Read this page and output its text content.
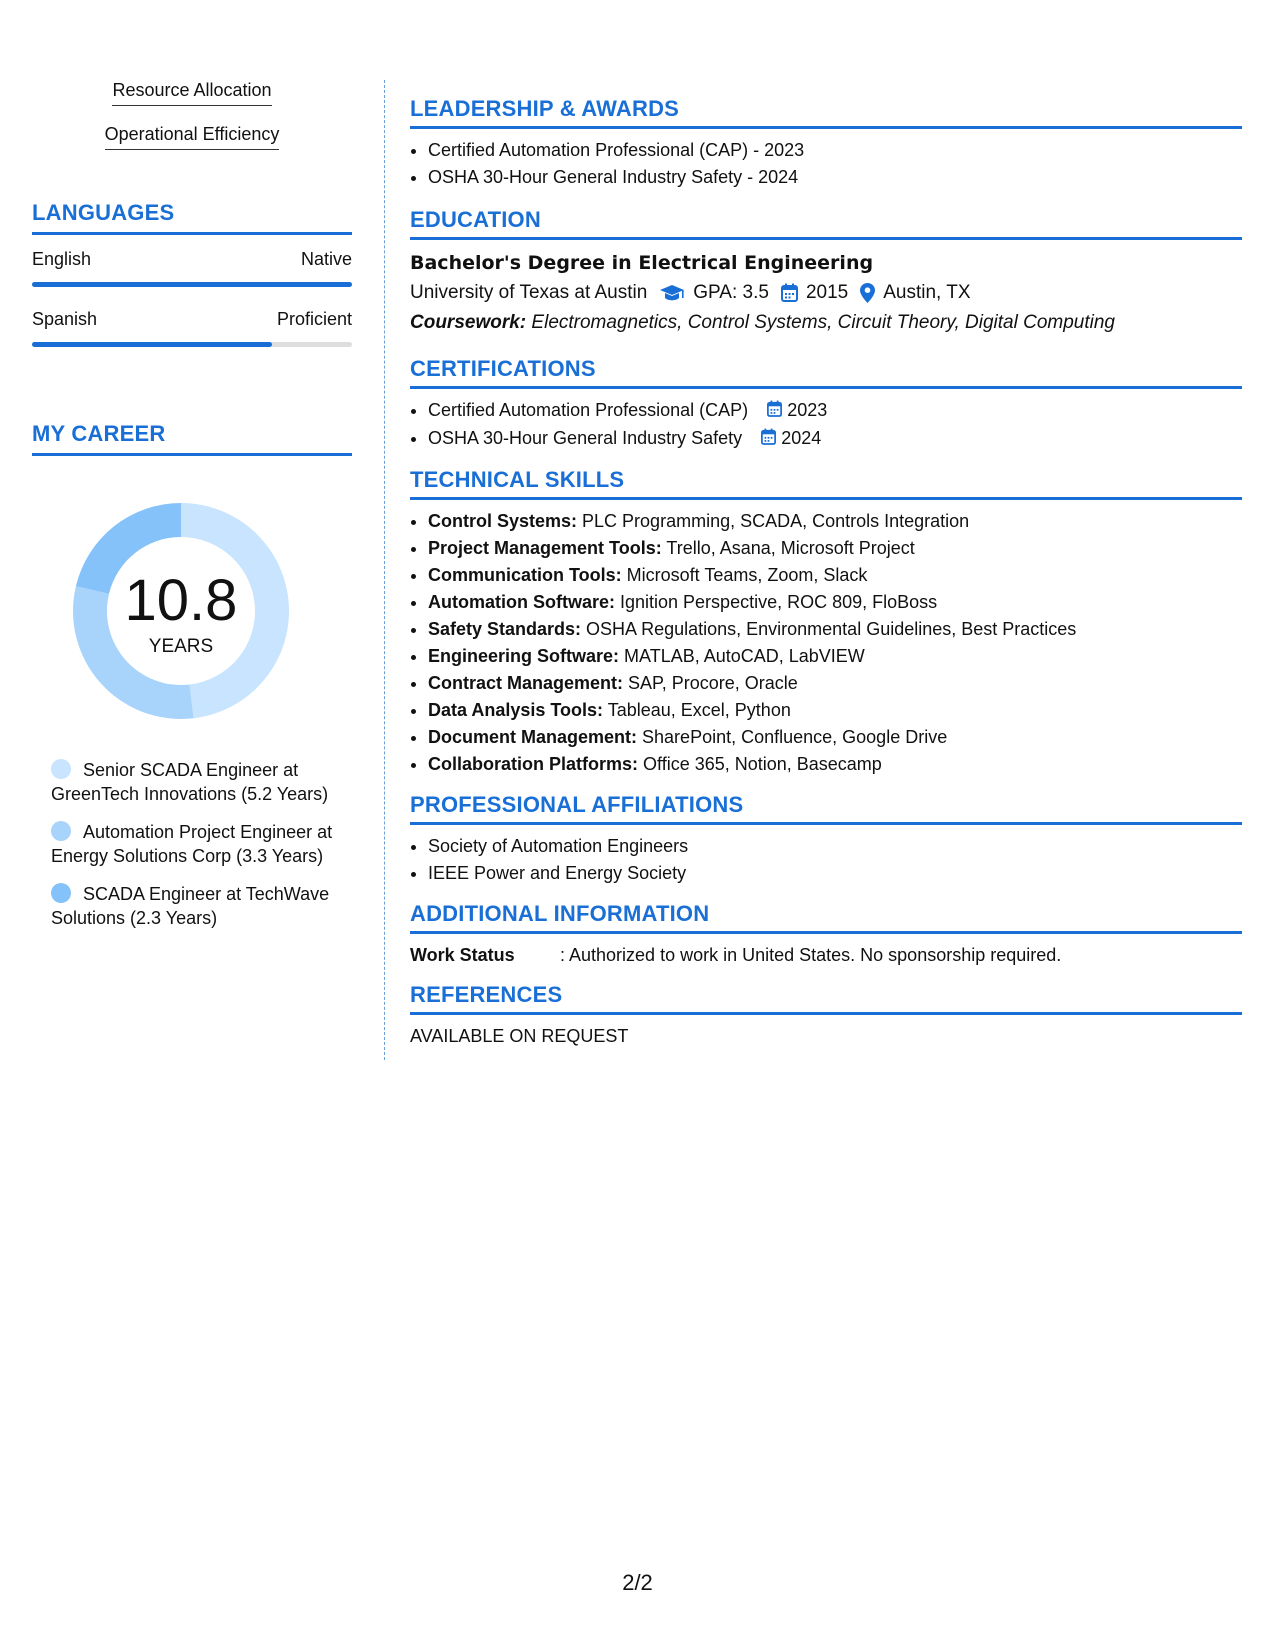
Resource Allocation
Operational Efficiency
LANGUAGES
English	Native
Spanish	Proficient
MY CAREER
10.8
YEARS
Senior SCADA Engineer at GreenTech Innovations (5.2 Years)
Automation Project Engineer at Energy Solutions Corp (3.3 Years)
SCADA Engineer at TechWave Solutions (2.3 Years)
LEADERSHIP & AWARDS
• Certified Automation Professional (CAP) - 2023
• OSHA 30-Hour General Industry Safety - 2024
EDUCATION
Bachelor's Degree in Electrical Engineering
University of Texas at Austin GPA: 3.5 2015 Austin, TX
Coursework: Electromagnetics, Control Systems, Circuit Theory, Digital Computing
CERTIFICATIONS
• Certified Automation Professional (CAP) 2023
• OSHA 30-Hour General Industry Safety 2024
TECHNICAL SKILLS
• Control Systems: PLC Programming, SCADA, Controls Integration
• Project Management Tools: Trello, Asana, Microsoft Project
• Communication Tools: Microsoft Teams, Zoom, Slack
• Automation Software: Ignition Perspective, ROC 809, FloBoss
• Safety Standards: OSHA Regulations, Environmental Guidelines, Best Practices
• Engineering Software: MATLAB, AutoCAD, LabVIEW
• Contract Management: SAP, Procore, Oracle
• Data Analysis Tools: Tableau, Excel, Python
• Document Management: SharePoint, Confluence, Google Drive
• Collaboration Platforms: Office 365, Notion, Basecamp
PROFESSIONAL AFFILIATIONS
• Society of Automation Engineers
• IEEE Power and Energy Society
ADDITIONAL INFORMATION
Work Status	: Authorized to work in United States. No sponsorship required.
REFERENCES
AVAILABLE ON REQUEST
2/2
